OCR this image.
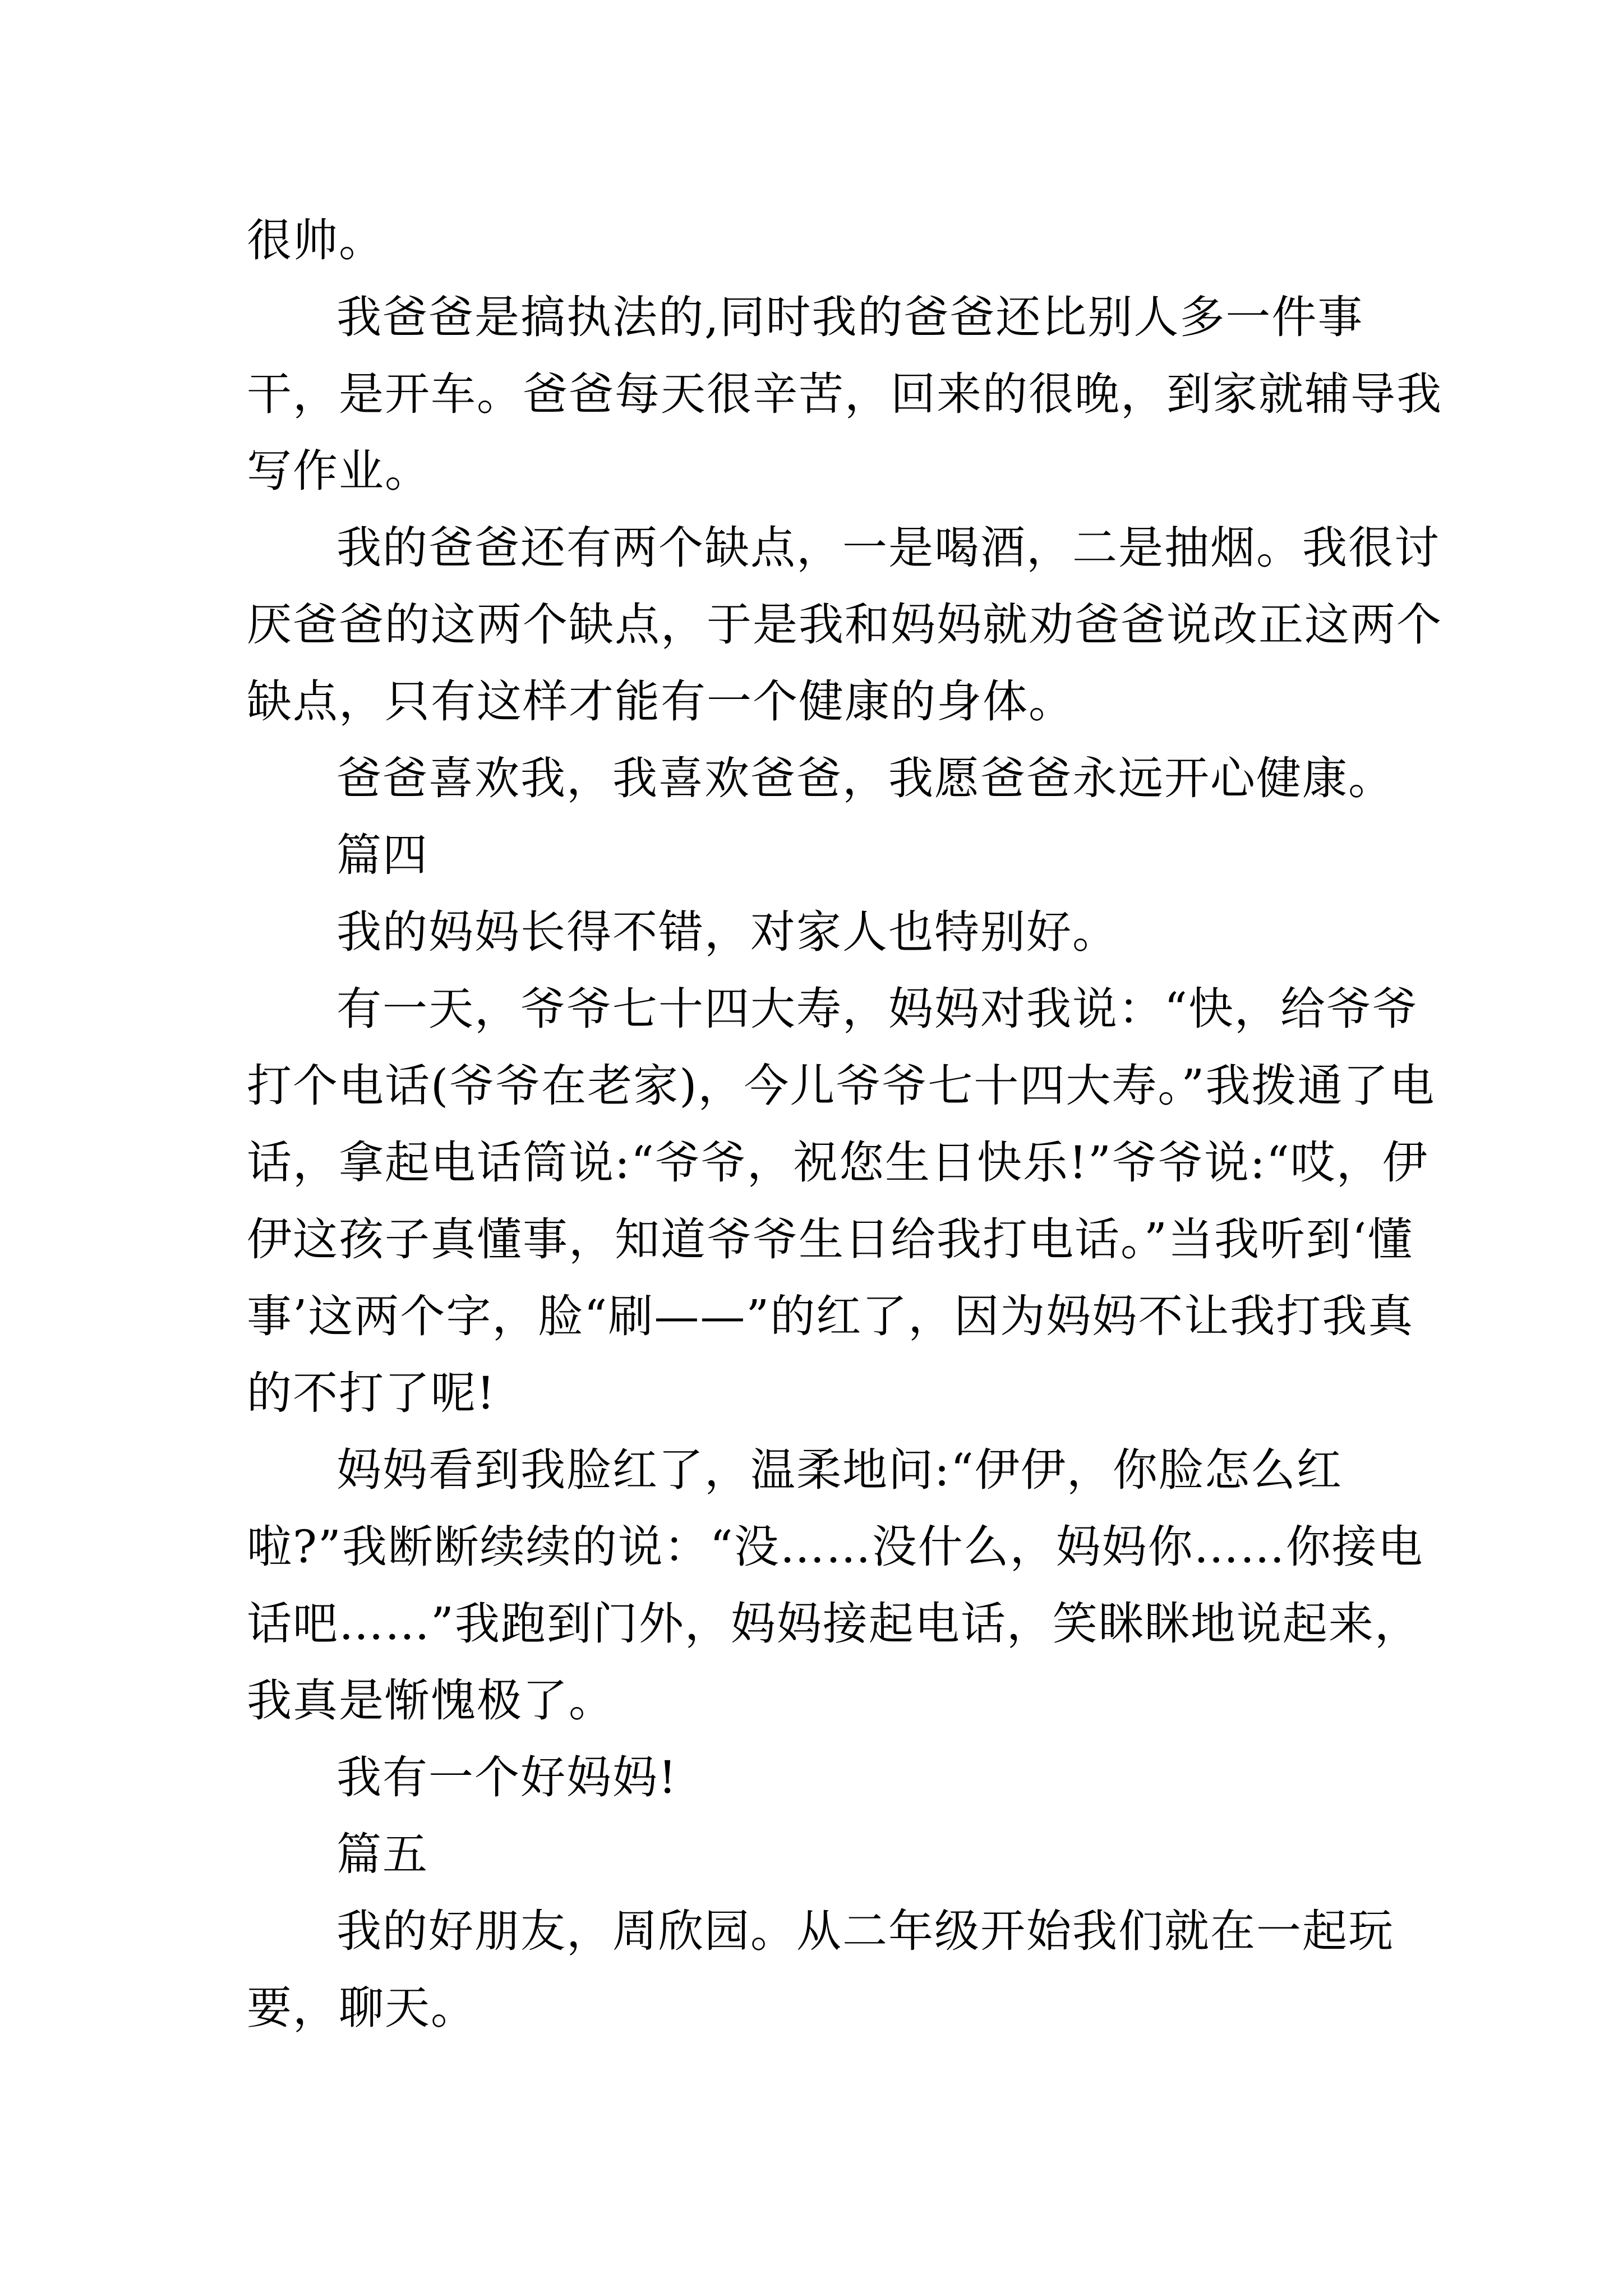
很帅。

我爸爸是搞执法的,同时我的爸爸还比别人多一件事干，是开车。爸爸每天很辛苦，回来的很晚，到家就辅导我写作业。

我的爸爸还有两个缺点，一是喝酒，二是抽烟。我很讨厌爸爸的这两个缺点，于是我和妈妈就劝爸爸说改正这两个缺点，只有这样才能有一个健康的身体。

爸爸喜欢我，我喜欢爸爸，我愿爸爸永远开心健康。

篇四

我的妈妈长得不错，对家人也特别好。

有一天，爷爷七十四大寿，妈妈对我说：“快，给爷爷打个电话(爷爷在老家)，今儿爷爷七十四大寿。”我拨通了电话，拿起电话筒说:“爷爷，祝您生日快乐!”爷爷说:“哎，伊伊这孩子真懂事，知道爷爷生日给我打电话。”当我听到‘懂事’这两个字，脸“刷——”的红了，因为妈妈不让我打我真的不打了呢!

妈妈看到我脸红了，温柔地问:“伊伊，你脸怎么红啦?”我断断续续的说：“没……没什么，妈妈你……你接电话吧……”我跑到门外，妈妈接起电话，笑眯眯地说起来，我真是惭愧极了。

我有一个好妈妈!

篇五

我的好朋友，周欣园。从二年级开始我们就在一起玩要，聊天。
